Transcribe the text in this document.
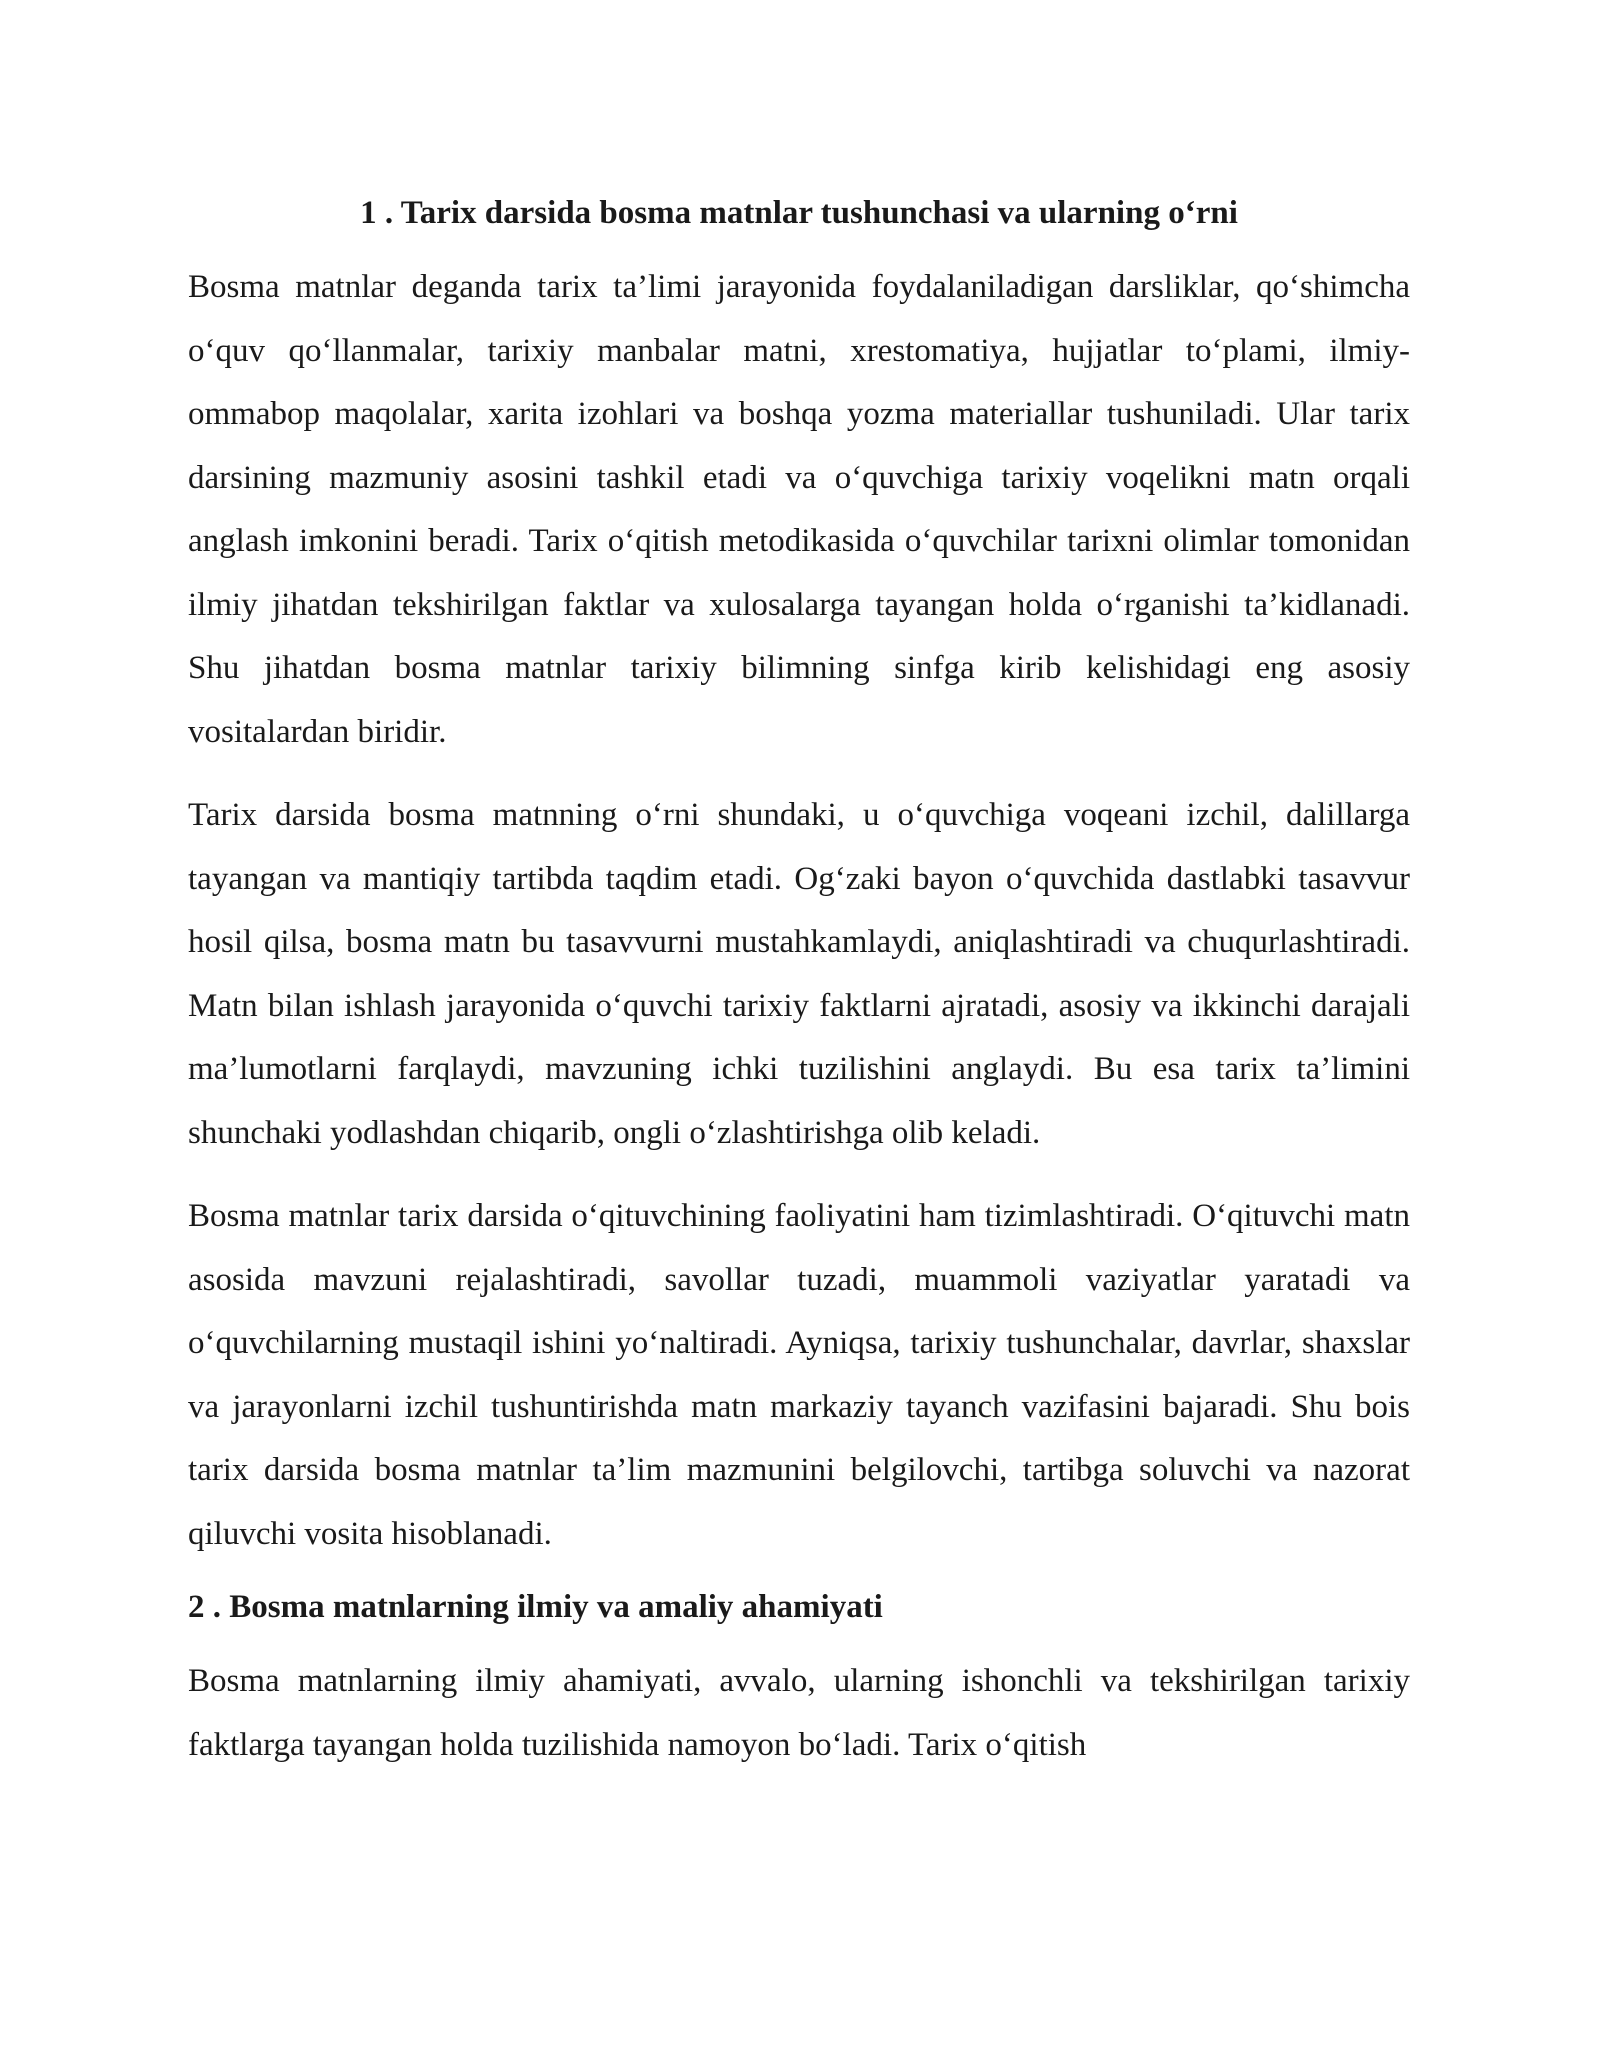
1 . Tarix darsida bosma matnlar tushunchasi va ularning oʻrni

Bosma matnlar deganda tarix ta’limi jarayonida foydalaniladigan darsliklar, qoʻshimcha oʻquv qoʻllanmalar, tarixiy manbalar matni, xrestomatiya, hujjatlar toʻplami, ilmiy-ommabop maqolalar, xarita izohlari va boshqa yozma materiallar tushuniladi. Ular tarix darsining mazmuniy asosini tashkil etadi va oʻquvchiga tarixiy voqelikni matn orqali anglash imkonini beradi. Tarix oʻqitish metodikasida oʻquvchilar tarixni olimlar tomonidan ilmiy jihatdan tekshirilgan faktlar va xulosalarga tayangan holda oʻrganishi ta’kidlanadi. Shu jihatdan bosma matnlar tarixiy bilimning sinfga kirib kelishidagi eng asosiy vositalardan biridir.

Tarix darsida bosma matnning oʻrni shundaki, u oʻquvchiga voqeani izchil, dalillarga tayangan va mantiqiy tartibda taqdim etadi. Ogʻzaki bayon oʻquvchida dastlabki tasavvur hosil qilsa, bosma matn bu tasavvurni mustahkamlaydi, aniqlashtiradi va chuqurlashtiradi. Matn bilan ishlash jarayonida oʻquvchi tarixiy faktlarni ajratadi, asosiy va ikkinchi darajali ma’lumotlarni farqlaydi, mavzuning ichki tuzilishini anglaydi. Bu esa tarix ta’limini shunchaki yodlashdan chiqarib, ongli oʻzlashtirishga olib keladi.

Bosma matnlar tarix darsida oʻqituvchining faoliyatini ham tizimlashtiradi. Oʻqituvchi matn asosida mavzuni rejalashtiradi, savollar tuzadi, muammoli vaziyatlar yaratadi va oʻquvchilarning mustaqil ishini yoʻnaltiradi. Ayniqsa, tarixiy tushunchalar, davrlar, shaxslar va jarayonlarni izchil tushuntirishda matn markaziy tayanch vazifasini bajaradi. Shu bois tarix darsida bosma matnlar ta’lim mazmunini belgilovchi, tartibga soluvchi va nazorat qiluvchi vosita hisoblanadi.

2 . Bosma matnlarning ilmiy va amaliy ahamiyati

Bosma matnlarning ilmiy ahamiyati, avvalo, ularning ishonchli va tekshirilgan tarixiy faktlarga tayangan holda tuzilishida namoyon boʻladi. Tarix oʻqitish
